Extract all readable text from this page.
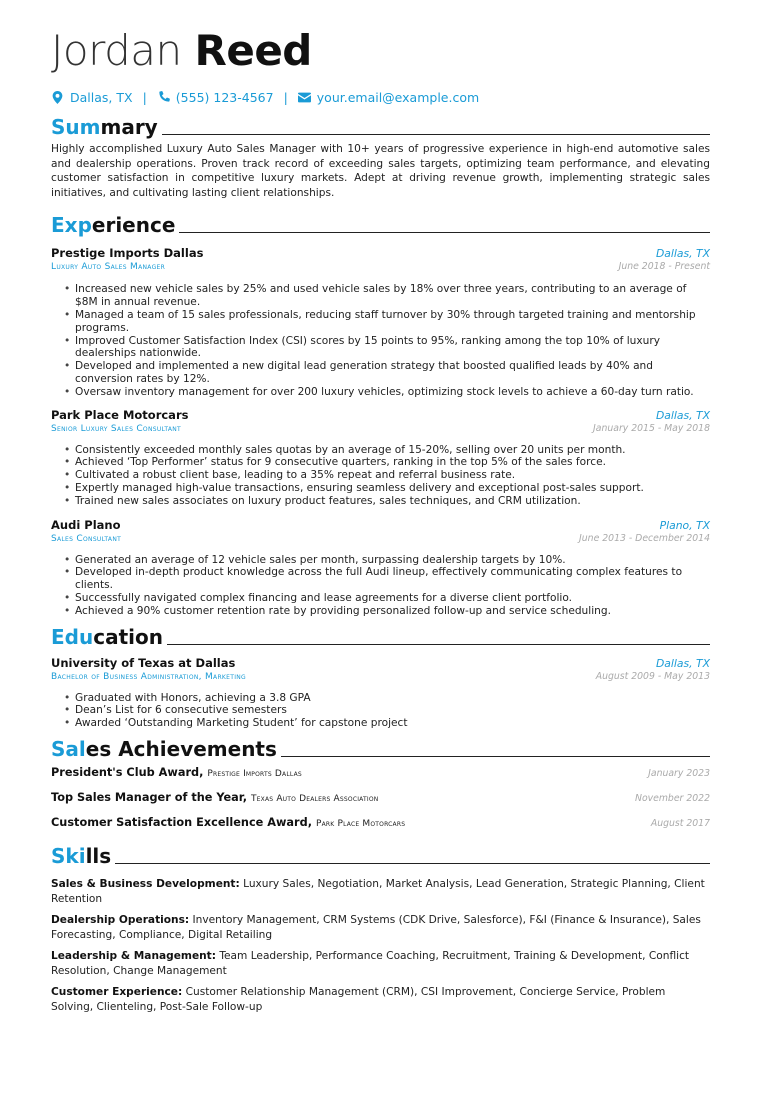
Jordan Reed
Dallas, TX | (555) 123-4567 | your.email@example.com
Summary
Highly accomplished Luxury Auto Sales Manager with 10+ years of progressive experience in high-end automotive sales and dealership operations. Proven track record of exceeding sales targets, optimizing team performance, and elevating customer satisfaction in competitive luxury markets. Adept at driving revenue growth, implementing strategic sales initiatives, and cultivating lasting client relationships.
Experience
Prestige Imports Dallas	Dallas, TX
Luxury Auto Sales Manager	June 2018 - Present
• Increased new vehicle sales by 25% and used vehicle sales by 18% over three years, contributing to an average of $8M in annual revenue.
• Managed a team of 15 sales professionals, reducing staff turnover by 30% through targeted training and mentorship programs.
• Improved Customer Satisfaction Index (CSI) scores by 15 points to 95%, ranking among the top 10% of luxury dealerships nationwide.
• Developed and implemented a new digital lead generation strategy that boosted qualified leads by 40% and conversion rates by 12%.
• Oversaw inventory management for over 200 luxury vehicles, optimizing stock levels to achieve a 60-day turn ratio.
Park Place Motorcars	Dallas, TX
Senior Luxury Sales Consultant	January 2015 - May 2018
• Consistently exceeded monthly sales quotas by an average of 15-20%, selling over 20 units per month.
• Achieved ‘Top Performer’ status for 9 consecutive quarters, ranking in the top 5% of the sales force.
• Cultivated a robust client base, leading to a 35% repeat and referral business rate.
• Expertly managed high-value transactions, ensuring seamless delivery and exceptional post-sales support.
• Trained new sales associates on luxury product features, sales techniques, and CRM utilization.
Audi Plano	Plano, TX
Sales Consultant	June 2013 - December 2014
• Generated an average of 12 vehicle sales per month, surpassing dealership targets by 10%.
• Developed in-depth product knowledge across the full Audi lineup, effectively communicating complex features to clients.
• Successfully navigated complex financing and lease agreements for a diverse client portfolio.
• Achieved a 90% customer retention rate by providing personalized follow-up and service scheduling.
Education
University of Texas at Dallas	Dallas, TX
Bachelor of Business Administration, Marketing	August 2009 - May 2013
• Graduated with Honors, achieving a 3.8 GPA
• Dean’s List for 6 consecutive semesters
• Awarded ‘Outstanding Marketing Student’ for capstone project
Sales Achievements
President's Club Award, Prestige Imports Dallas	January 2023
Top Sales Manager of the Year, Texas Auto Dealers Association	November 2022
Customer Satisfaction Excellence Award, Park Place Motorcars	August 2017
Skills
Sales & Business Development: Luxury Sales, Negotiation, Market Analysis, Lead Generation, Strategic Planning, Client Retention
Dealership Operations: Inventory Management, CRM Systems (CDK Drive, Salesforce), F&I (Finance & Insurance), Sales Forecasting, Compliance, Digital Retailing
Leadership & Management: Team Leadership, Performance Coaching, Recruitment, Training & Development, Conflict Resolution, Change Management
Customer Experience: Customer Relationship Management (CRM), CSI Improvement, Concierge Service, Problem Solving, Clienteling, Post-Sale Follow-up
